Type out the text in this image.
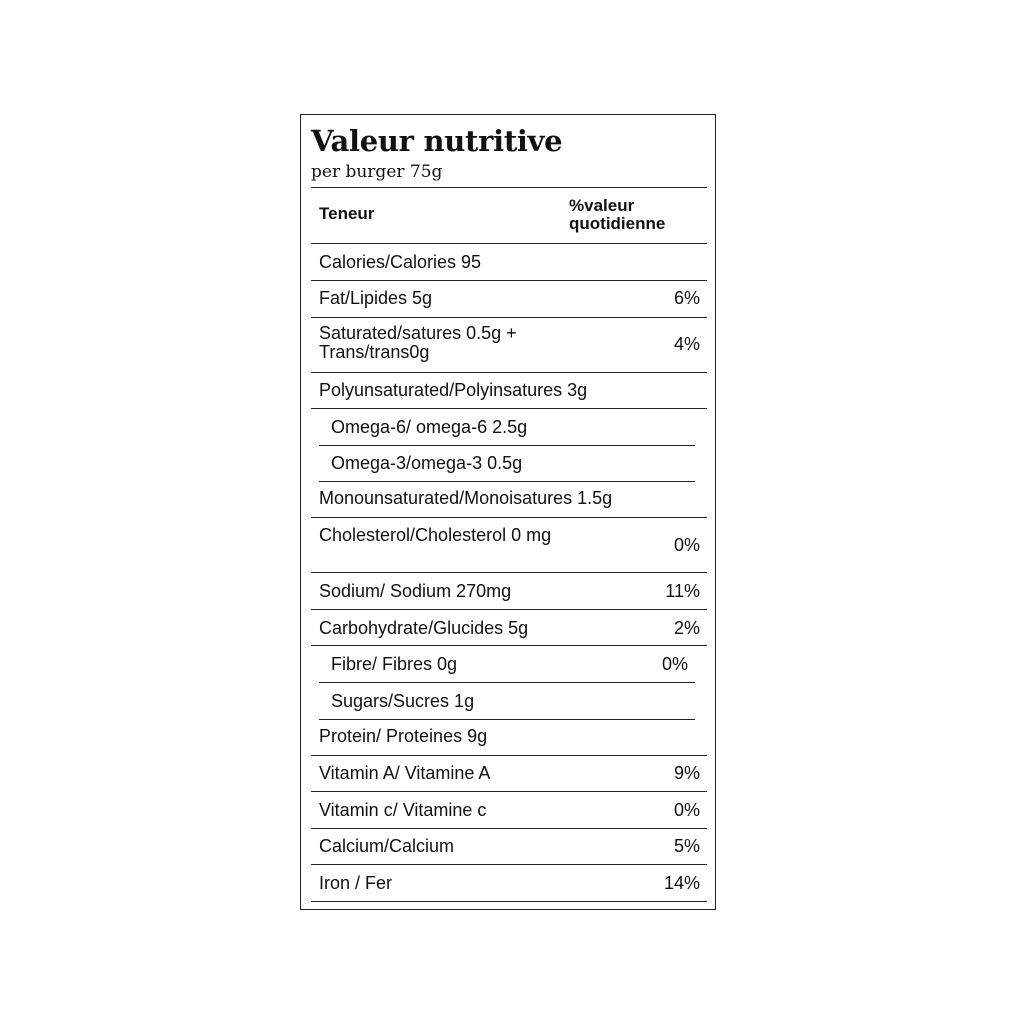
Valeur nutritive
per burger 75g
Teneur	%valeur quotidienne
Calories/Calories 95
Fat/Lipides 5g	6%
Saturated/satures 0.5g + Trans/trans0g	4%
Polyunsaturated/Polyinsatures 3g
Omega-6/ omega-6 2.5g
Omega-3/omega-3 0.5g
Monounsaturated/Monoisatures 1.5g
Cholesterol/Cholesterol 0 mg	0%
Sodium/ Sodium 270mg	11%
Carbohydrate/Glucides 5g	2%
Fibre/ Fibres 0g	0%
Sugars/Sucres 1g
Protein/ Proteines 9g
Vitamin A/ Vitamine A	9%
Vitamin c/ Vitamine c	0%
Calcium/Calcium	5%
Iron / Fer	14%
